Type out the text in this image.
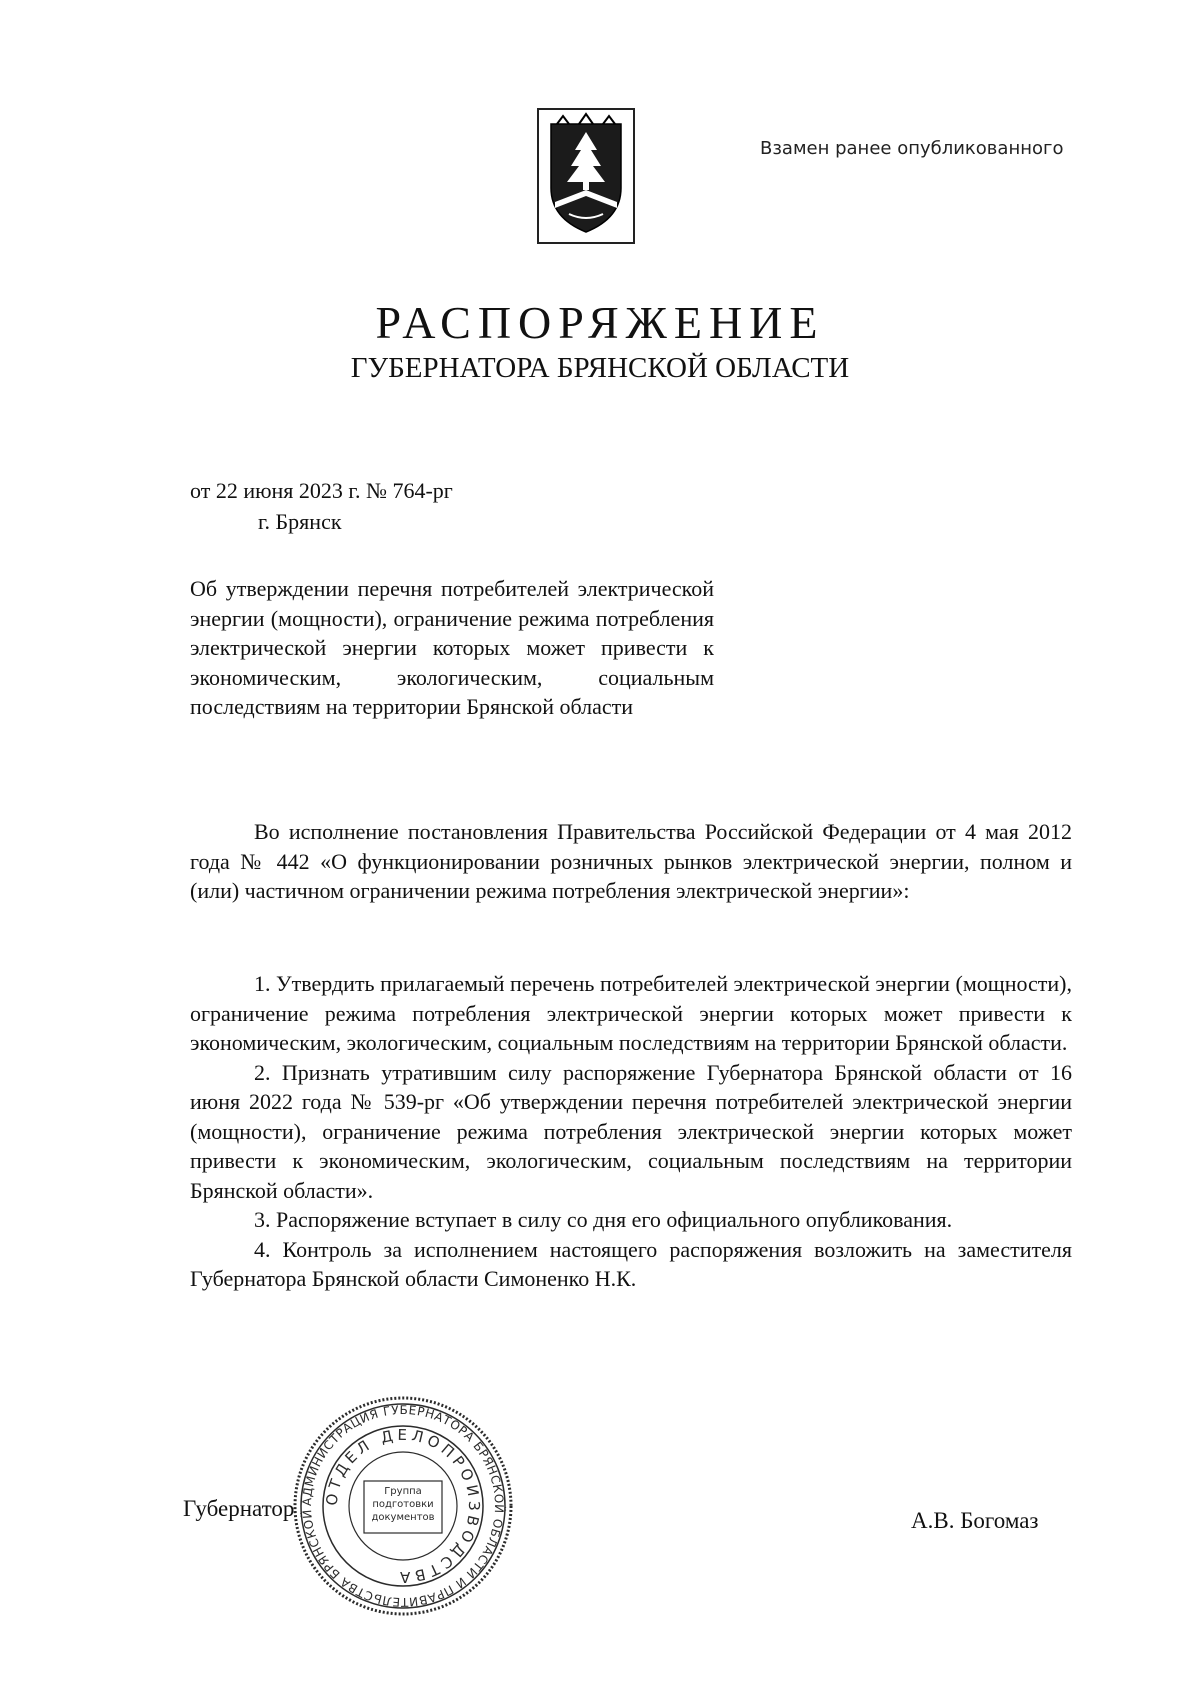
Взамен ранее опубликованного
РАСПОРЯЖЕНИЕ
ГУБЕРНАТОРА БРЯНСКОЙ ОБЛАСТИ
от 22 июня 2023 г. № 764-рг
г. Брянск
Об утверждении перечня потребителей электрической энергии (мощности), ограничение режима потребления электрической энергии которых может привести к экономическим, экологическим, социальным последствиям на территории Брянской области

Во исполнение постановления Правительства Российской Федерации от 4 мая 2012 года № 442 «О функционировании розничных рынков электрической энергии, полном и (или) частичном ограничении режима потребления электрической энергии»:

1. Утвердить прилагаемый перечень потребителей электрической энергии (мощности), ограничение режима потребления электрической энергии которых может привести к экономическим, экологическим, социальным последствиям на территории Брянской области.

2. Признать утратившим силу распоряжение Губернатора Брянской области от 16 июня 2022 года № 539-рг «Об утверждении перечня потребителей электрической энергии (мощности), ограничение режима потребления электрической энергии которых может привести к экономическим, экологическим, социальным последствиям на территории Брянской области».

3. Распоряжение вступает в силу со дня его официального опубликования.

4. Контроль за исполнением настоящего распоряжения возложить на заместителя Губернатора Брянской области Симоненко Н.К.

Губернатор	А.В. Богомаз
АДМИНИСТРАЦИЯ ГУБЕРНАТОРА БРЯНСКОЙ ОБЛАСТИ И ПРАВИТЕЛЬСТВА БРЯНСКОЙ
ОТДЕЛ ДЕЛОПРОИЗВОДСТВА
Группа подготовки документов
